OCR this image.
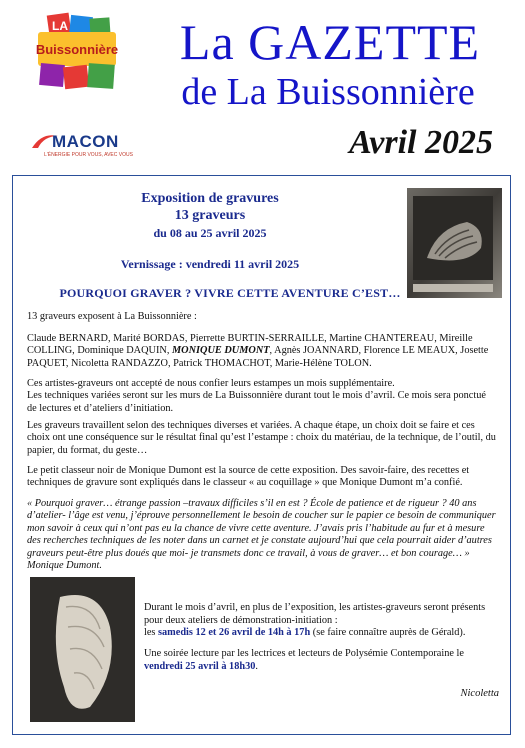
LA
Buissonnière
MACON
L'ÉNERGIE POUR VOUS, AVEC VOUS
La GAZETTE
de La Buissonnière
Avril 2025
Exposition de gravures
13 graveurs
du 08 au 25 avril 2025
Vernissage : vendredi 11 avril 2025
POURQUOI GRAVER ? VIVRE CETTE AVENTURE C’EST…
13 graveurs exposent à La Buissonnière :
Claude BERNARD, Marité BORDAS, Pierrette BURTIN-SERRAILLE, Martine CHANTEREAU, Mireille COLLING, Dominique DAQUIN, MONIQUE DUMONT, Agnès JOANNARD, Florence LE MEAUX, Josette PAQUET, Nicoletta RANDAZZO, Patrick THOMACHOT, Marie-Hélène TOLON.
Ces artistes-graveurs ont accepté de nous confier leurs estampes un mois supplémentaire.
Les techniques variées seront sur les murs de La Buissonnière durant tout le mois d’avril. Ce mois sera ponctué de lectures et d’ateliers d’initiation.
Les graveurs travaillent selon des techniques diverses et variées. A chaque étape, un choix doit se faire et ces choix ont une conséquence sur le résultat final qu’est l’estampe : choix du matériau, de la technique, de l’outil, du papier, du format, du geste…
Le petit classeur noir de Monique Dumont est la source de cette exposition. Des savoir-faire, des recettes et techniques de gravure sont expliqués dans le classeur « au coquillage » que Monique Dumont m’a confié.
« Pourquoi graver… étrange passion –travaux difficiles s’il en est ? École de patience et de rigueur ? 40 ans d’atelier- l’âge est venu, j’éprouve personnellement le besoin de coucher sur le papier ce besoin de communiquer mon savoir à ceux qui n’ont pas eu la chance de vivre cette aventure. J’avais pris l’habitude au fur et à mesure des recherches techniques de les noter dans un carnet et je constate aujourd’hui que cela pourrait aider d’autres graveurs peut-être plus doués que moi- je transmets donc ce travail, à vous de graver… et bon courage… » Monique Dumont.
Durant le mois d’avril, en plus de l’exposition, les artistes-graveurs seront présents pour deux ateliers de démonstration-initiation :
les samedis 12 et 26 avril de 14h à 17h (se faire connaître auprès de Gérald).
Une soirée lecture par les lectrices et lecteurs de Polysémie Contemporaine le vendredi 25 avril à 18h30.
Nicoletta
